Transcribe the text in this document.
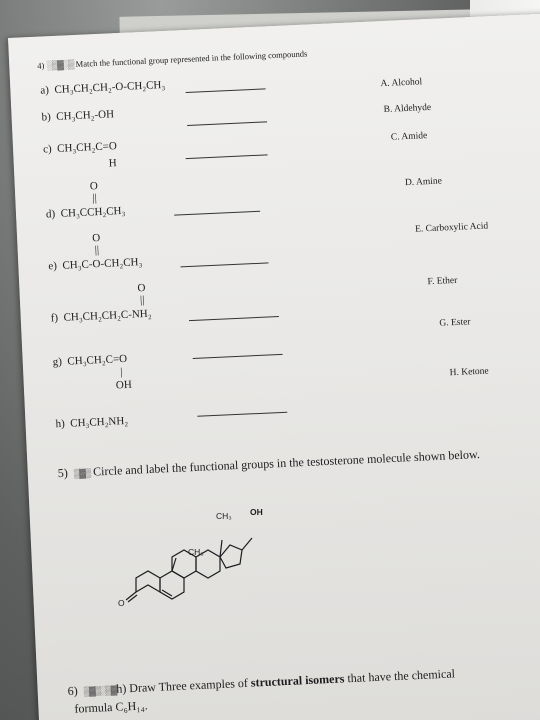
4) ░▒▓░▒ Match the functional group represented in the following compounds
a) CH₃CH₂CH₂-O-CH₂CH₃	A. Alcohol
b) CH₃CH₂-OH	B. Aldehyde
c) CH₃CH₂C=O
H
C. Amide
O
||
d) CH₃CCH₂CH₃
D. Amine
O
||
e) CH₃C-O-CH₂CH₃
E. Carboxylic Acid
O
||
f) CH₃CH₂CH₂C-NH₂
F. Ether
g) CH₃CH₂C=O
|
OH
G. Ester
h) CH₃CH₂NH₂
H. Ketone
5) ▒▓▒ Circle and label the functional groups in the testosterone molecule shown below.
6) ▒▓▒░▒▓h) Draw Three examples of structural isomers that have the chemical
formula C₆H₁₄.
CH₃
CH₃ OH
O
